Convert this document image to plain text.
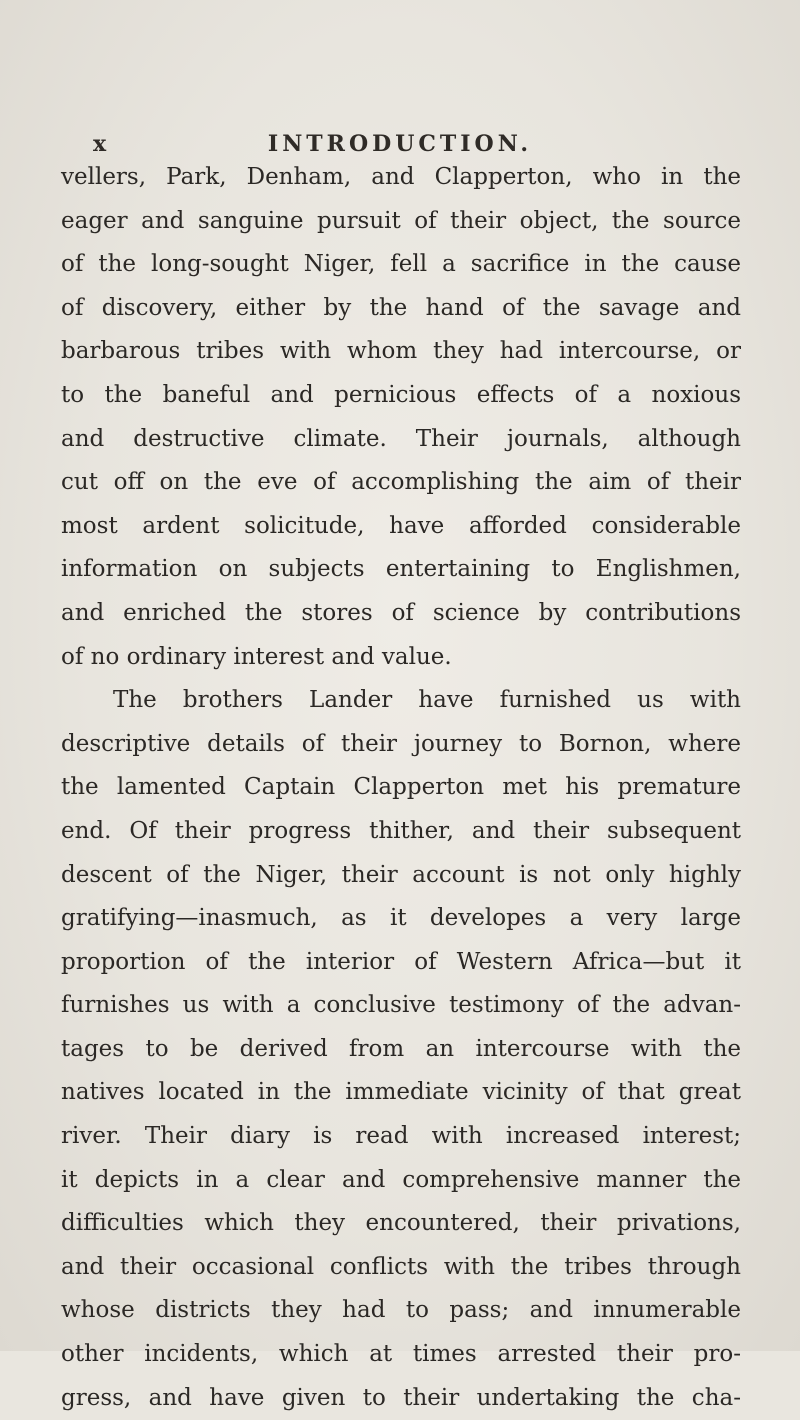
x	INTRODUCTION.
vellers, Park, Denham, and Clapperton, who in the
eager and sanguine pursuit of their object, the source
of the long-sought Niger, fell a sacrifice in the cause
of discovery, either by the hand of the savage and
barbarous tribes with whom they had intercourse, or
to the baneful and pernicious effects of a noxious
and destructive climate. Their journals, although
cut off on the eve of accomplishing the aim of their
most ardent solicitude, have afforded considerable
information on subjects entertaining to Englishmen,
and enriched the stores of science by contributions
of no ordinary interest and value.
The brothers Lander have furnished us with
descriptive details of their journey to Bornon, where
the lamented Captain Clapperton met his premature
end. Of their progress thither, and their subsequent
descent of the Niger, their account is not only highly
gratifying—inasmuch, as it developes a very large
proportion of the interior of Western Africa—but it
furnishes us with a conclusive testimony of the advan-
tages to be derived from an intercourse with the
natives located in the immediate vicinity of that great
river. Their diary is read with increased interest;
it depicts in a clear and comprehensive manner the
difficulties which they encountered, their privations,
and their occasional conflicts with the tribes through
whose districts they had to pass; and innumerable
other incidents, which at times arrested their pro-
gress, and have given to their undertaking the cha-
